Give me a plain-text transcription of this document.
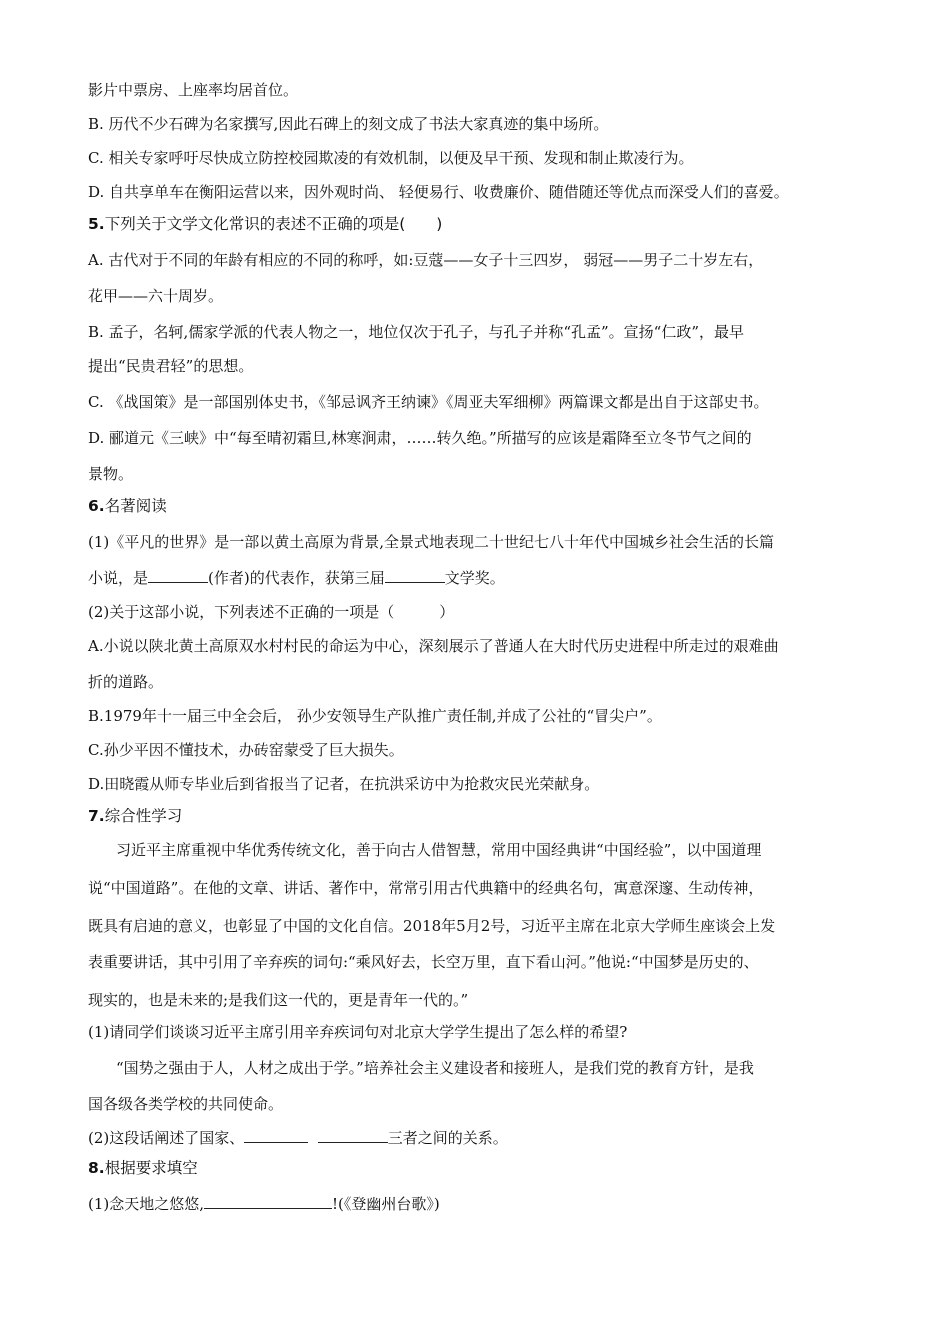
影片中票房、上座率均居首位。
B. 历代不少石碑为名家撰写,因此石碑上的刻文成了书法大家真迹的集中场所。
C. 相关专家呼吁尽快成立防控校园欺凌的有效机制，以便及早干预、发现和制止欺凌行为。
D. 自共享单车在衡阳运营以来，因外观时尚、 轻便易行、收费廉价、随借随还等优点而深受人们的喜爱。
5.下列关于文学文化常识的表述不正确的项是(　　)
A. 古代对于不同的年龄有相应的不同的称呼，如:豆蔻——女子十三四岁， 弱冠——男子二十岁左右，
花甲——六十周岁。
B. 孟子，名轲,儒家学派的代表人物之一，地位仅次于孔子，与孔子并称“孔孟”。宣扬“仁政”，最早
提出“民贵君轻”的思想。
C. 《战国策》是一部国别体史书，《邹忌讽齐王纳谏》《周亚夫军细柳》两篇课文都是出自于这部史书。
D. 郦道元《三峡》中“每至晴初霜旦,林寒涧肃，……转久绝。”所描写的应该是霜降至立冬节气之间的
景物。
6.名著阅读
(1)《平凡的世界》是一部以黄土高原为背景,全景式地表现二十世纪七八十年代中国城乡社会生活的长篇
小说，是	(作者)的代表作，获第三届	文学奖。
(2)关于这部小说，下列表述不正确的一项是（　　　）
A.小说以陕北黄土高原双水村村民的命运为中心，深刻展示了普通人在大时代历史进程中所走过的艰难曲
折的道路。
B.1979年十一届三中全会后， 孙少安领导生产队推广责任制,并成了公社的“冒尖户”。
C.孙少平因不懂技术，办砖窑蒙受了巨大损失。
D.田晓霞从师专毕业后到省报当了记者，在抗洪采访中为抢救灾民光荣献身。
7.综合性学习
习近平主席重视中华优秀传统文化，善于向古人借智慧，常用中国经典讲“中国经验”，以中国道理
说“中国道路”。在他的文章、讲话、著作中，常常引用古代典籍中的经典名句，寓意深邃、生动传神，
既具有启迪的意义，也彰显了中国的文化自信。2018年5月2号，习近平主席在北京大学师生座谈会上发
表重要讲话，其中引用了辛弃疾的词句:“乘风好去，长空万里，直下看山河。”他说:“中国梦是历史的、
现实的，也是未来的;是我们这一代的，更是青年一代的。”
(1)请同学们谈谈习近平主席引用辛弃疾词句对北京大学学生提出了怎么样的希望?
“国势之强由于人，人材之成出于学。”培养社会主义建设者和接班人，是我们党的教育方针，是我
国各级各类学校的共同使命。
(2)这段话阐述了国家、	三者之间的关系。
8.根据要求填空
(1)念天地之悠悠,	!(《登幽州台歌》)
